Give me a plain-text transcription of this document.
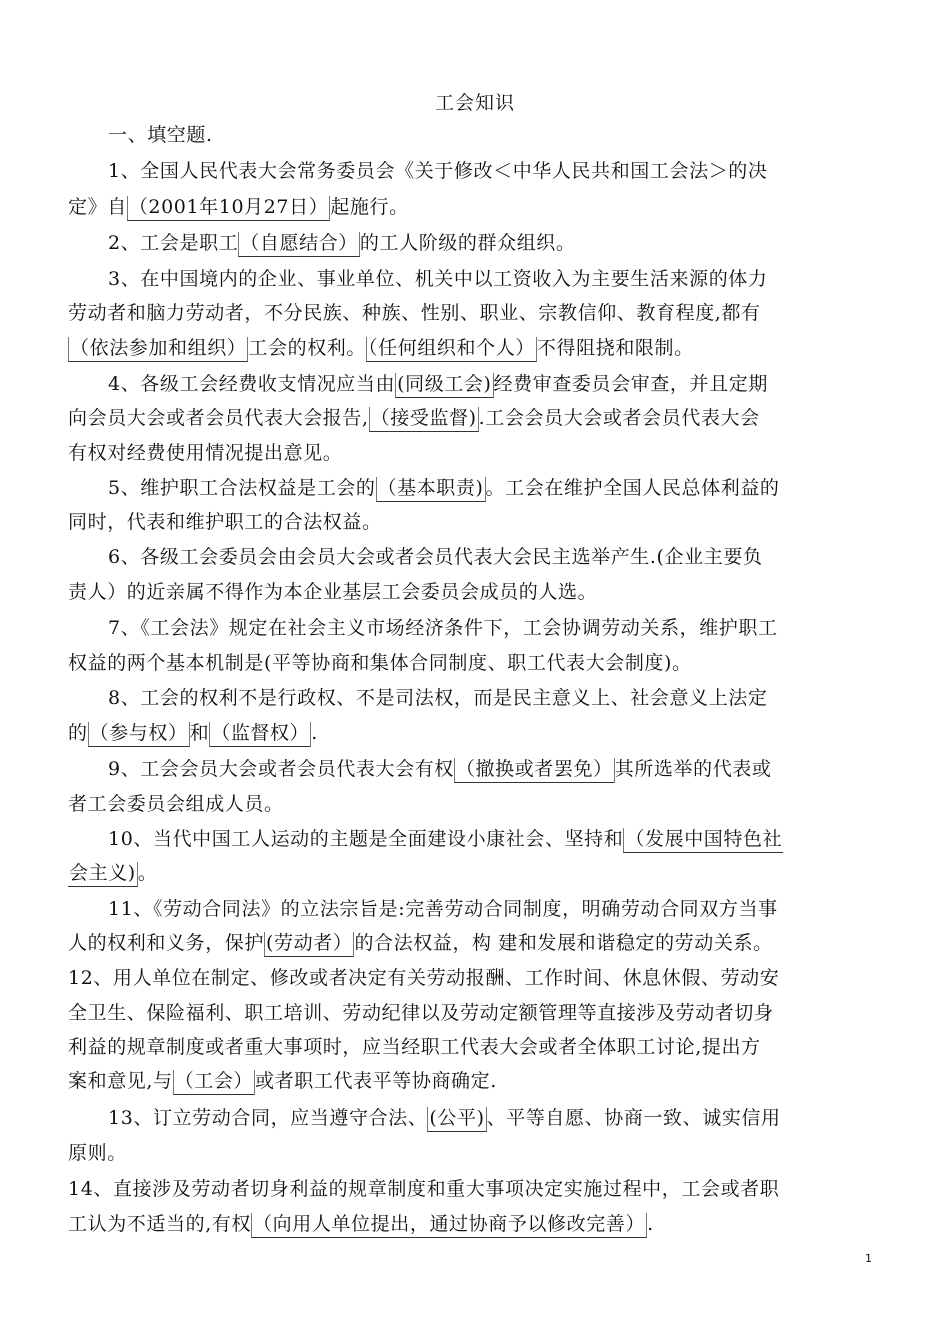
工会知识
一、填空题.
1、全国人民代表大会常务委员会《关于修改＜中华人民共和国工会法＞的决
定》自 （2001年10月27日） 起施行。
2、工会是职工 （自愿结合） 的工人阶级的群众组织。
3、在中国境内的企业、事业单位、机关中以工资收入为主要生活来源的体力
劳动者和脑力劳动者，不分民族、种族、性别、职业、宗教信仰、教育程度,都有
（依法参加和组织） 工会的权利。 （任何组织和个人） 不得阻挠和限制。
4、各级工会经费收支情况应当由 (同级工会) 经费审查委员会审查，并且定期
向会员大会或者会员代表大会报告, （接受监督) .工会会员大会或者会员代表大会
有权对经费使用情况提出意见。
5、维护职工合法权益是工会的 （基本职责) 。工会在维护全国人民总体利益的
同时，代表和维护职工的合法权益。
6、各级工会委员会由会员大会或者会员代表大会民主选举产生.(企业主要负
责人）的近亲属不得作为本企业基层工会委员会成员的人选。
7、《工会法》规定在社会主义市场经济条件下，工会协调劳动关系，维护职工
权益的两个基本机制是(平等协商和集体合同制度、职工代表大会制度)。
8、工会的权利不是行政权、不是司法权，而是民主意义上、社会意义上法定
的 （参与权） 和 （监督权） .
9、工会会员大会或者会员代表大会有权 （撤换或者罢免） 其所选举的代表或
者工会委员会组成人员。
10、当代中国工人运动的主题是全面建设小康社会、坚持和 （发展中国特色社
会主义) 。
11、《劳动合同法》的立法宗旨是:完善劳动合同制度，明确劳动合同双方当事
人的权利和义务，保护 (劳动者） 的合法权益，构 建和发展和谐稳定的劳动关系。
12、用人单位在制定、修改或者决定有关劳动报酬、工作时间、休息休假、劳动安
全卫生、保险福利、职工培训、劳动纪律以及劳动定额管理等直接涉及劳动者切身
利益的规章制度或者重大事项时，应当经职工代表大会或者全体职工讨论,提出方
案和意见,与 （工会） 或者职工代表平等协商确定.
13、订立劳动合同，应当遵守合法、 (公平) 、平等自愿、协商一致、诚实信用
原则。
14、直接涉及劳动者切身利益的规章制度和重大事项决定实施过程中，工会或者职
工认为不适当的,有权 （向用人单位提出，通过协商予以修改完善） .
1
